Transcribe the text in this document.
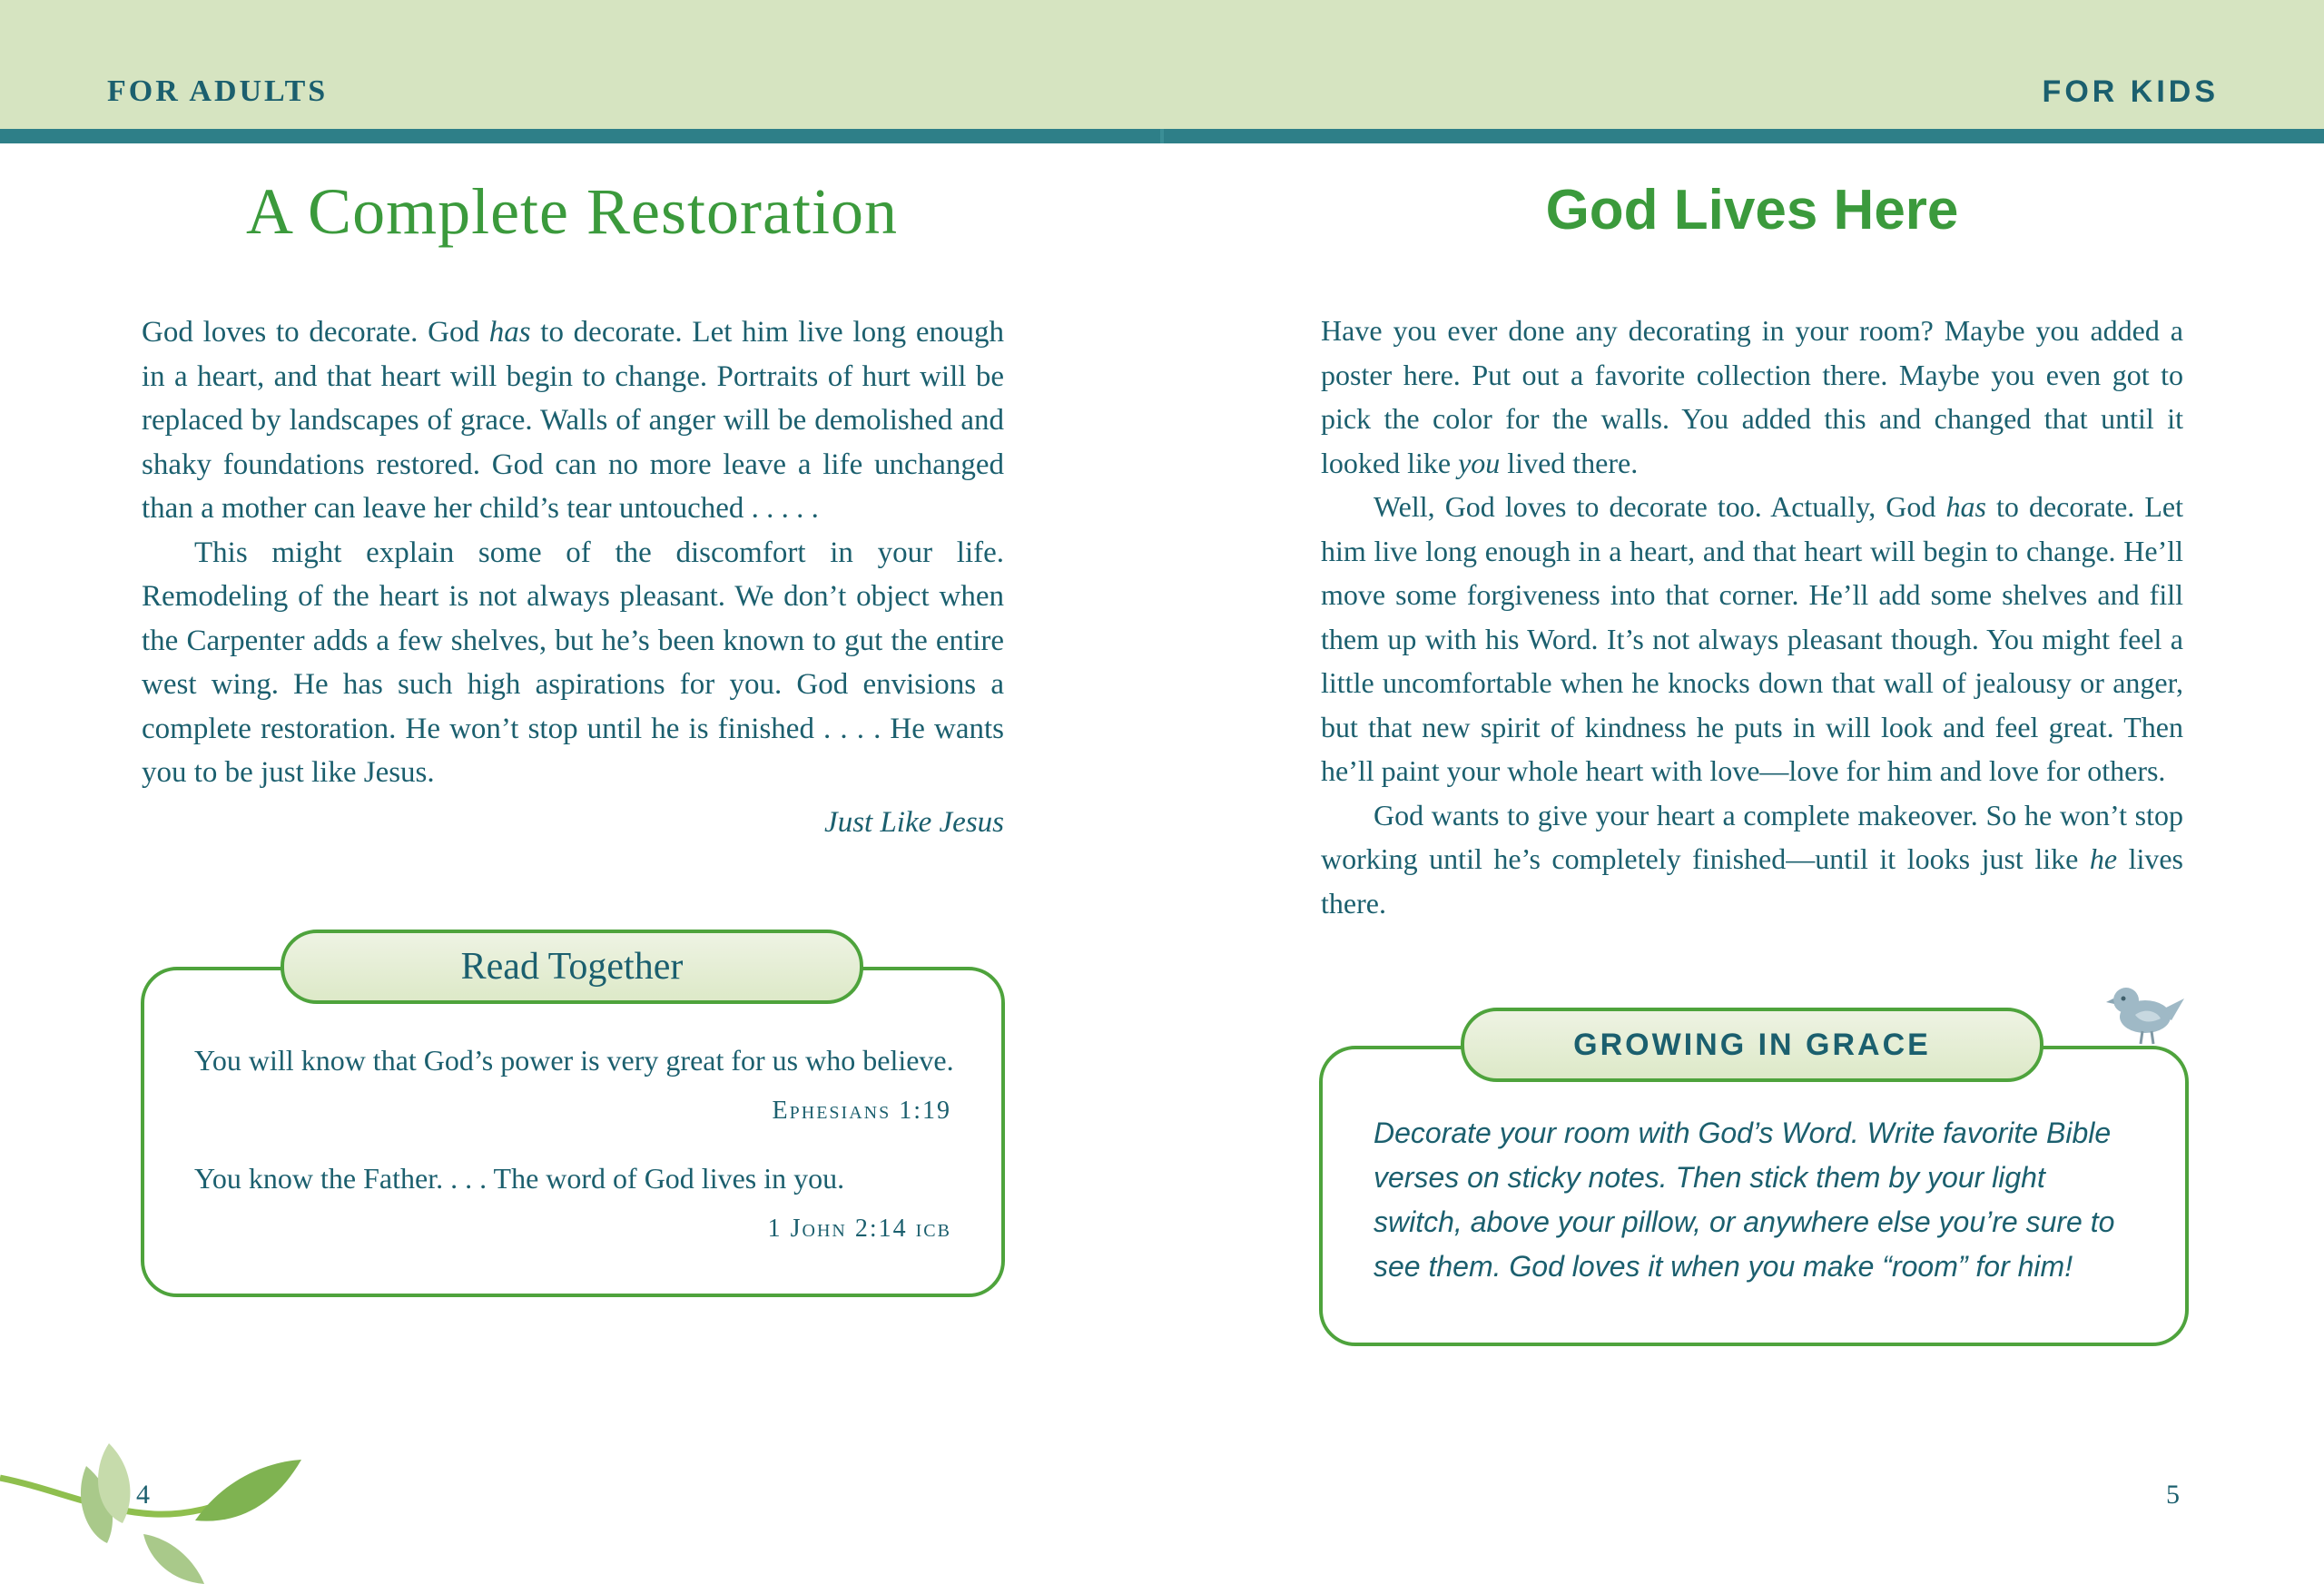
FOR ADULTS	FOR KIDS
A Complete Restoration

God loves to decorate. God has to decorate. Let him live long enough in a heart, and that heart will begin to change. Portraits of hurt will be replaced by landscapes of grace. Walls of anger will be demolished and shaky foundations restored. God can no more leave a life unchanged than a mother can leave her child’s tear untouched . . . . .

This might explain some of the discomfort in your life. Remodeling of the heart is not always pleasant. We don’t object when the Carpenter adds a few shelves, but he’s been known to gut the entire west wing. He has such high aspirations for you. God envisions a complete restoration. He won’t stop until he is finished . . . . He wants you to be just like Jesus.

Just Like Jesus
Read Together
You will know that God’s power is very great for us who believe.
Ephesians 1:19
You know the Father. . . . The word of God lives in you.
1 John 2:14 icb
4
God Lives Here

Have you ever done any decorating in your room? Maybe you added a poster here. Put out a favorite collection there. Maybe you even got to pick the color for the walls. You added this and changed that until it looked like you lived there.

Well, God loves to decorate too. Actually, God has to decorate. Let him live long enough in a heart, and that heart will begin to change. He’ll move some forgiveness into that corner. He’ll add some shelves and fill them up with his Word. It’s not always pleasant though. You might feel a little uncomfortable when he knocks down that wall of jealousy or anger, but that new spirit of kindness he puts in will look and feel great. Then he’ll paint your whole heart with love—love for him and love for others.

God wants to give your heart a complete makeover. So he won’t stop working until he’s completely finished—until it looks just like he lives there.

GROWING IN GRACE
Decorate your room with God’s Word. Write favorite Bible verses on sticky notes. Then stick them by your light switch, above your pillow, or anywhere else you’re sure to see them. God loves it when you make “room” for him!
5
